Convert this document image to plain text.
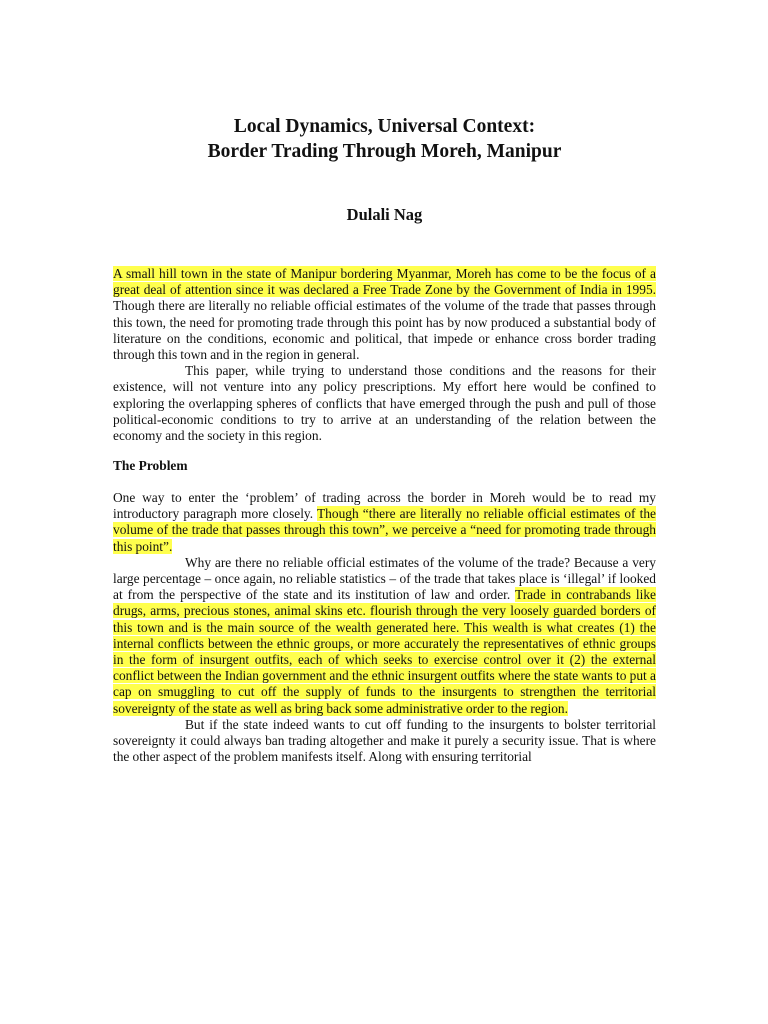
Local Dynamics, Universal Context:
Border Trading Through Moreh, Manipur
Dulali Nag

A small hill town in the state of Manipur bordering Myanmar, Moreh has come to be the focus of a great deal of attention since it was declared a Free Trade Zone by the Government of India in 1995. Though there are literally no reliable official estimates of the volume of the trade that passes through this town, the need for promoting trade through this point has by now produced a substantial body of literature on the conditions, economic and political, that impede or enhance cross border trading through this town and in the region in general.

This paper, while trying to understand those conditions and the reasons for their existence, will not venture into any policy prescriptions. My effort here would be confined to exploring the overlapping spheres of conflicts that have emerged through the push and pull of those political-economic conditions to try to arrive at an understanding of the relation between the economy and the society in this region.

The Problem

One way to enter the ‘problem’ of trading across the border in Moreh would be to read my introductory paragraph more closely. Though “there are literally no reliable official estimates of the volume of the trade that passes through this town”, we perceive a “need for promoting trade through this point”.

Why are there no reliable official estimates of the volume of the trade? Because a very large percentage – once again, no reliable statistics – of the trade that takes place is ‘illegal’ if looked at from the perspective of the state and its institution of law and order. Trade in contrabands like drugs, arms, precious stones, animal skins etc. flourish through the very loosely guarded borders of this town and is the main source of the wealth generated here. This wealth is what creates (1) the internal conflicts between the ethnic groups, or more accurately the representatives of ethnic groups in the form of insurgent outfits, each of which seeks to exercise control over it (2) the external conflict between the Indian government and the ethnic insurgent outfits where the state wants to put a cap on smuggling to cut off the supply of funds to the insurgents to strengthen the territorial sovereignty of the state as well as bring back some administrative order to the region.

But if the state indeed wants to cut off funding to the insurgents to bolster territorial sovereignty it could always ban trading altogether and make it purely a security issue. That is where the other aspect of the problem manifests itself. Along with ensuring territorial
